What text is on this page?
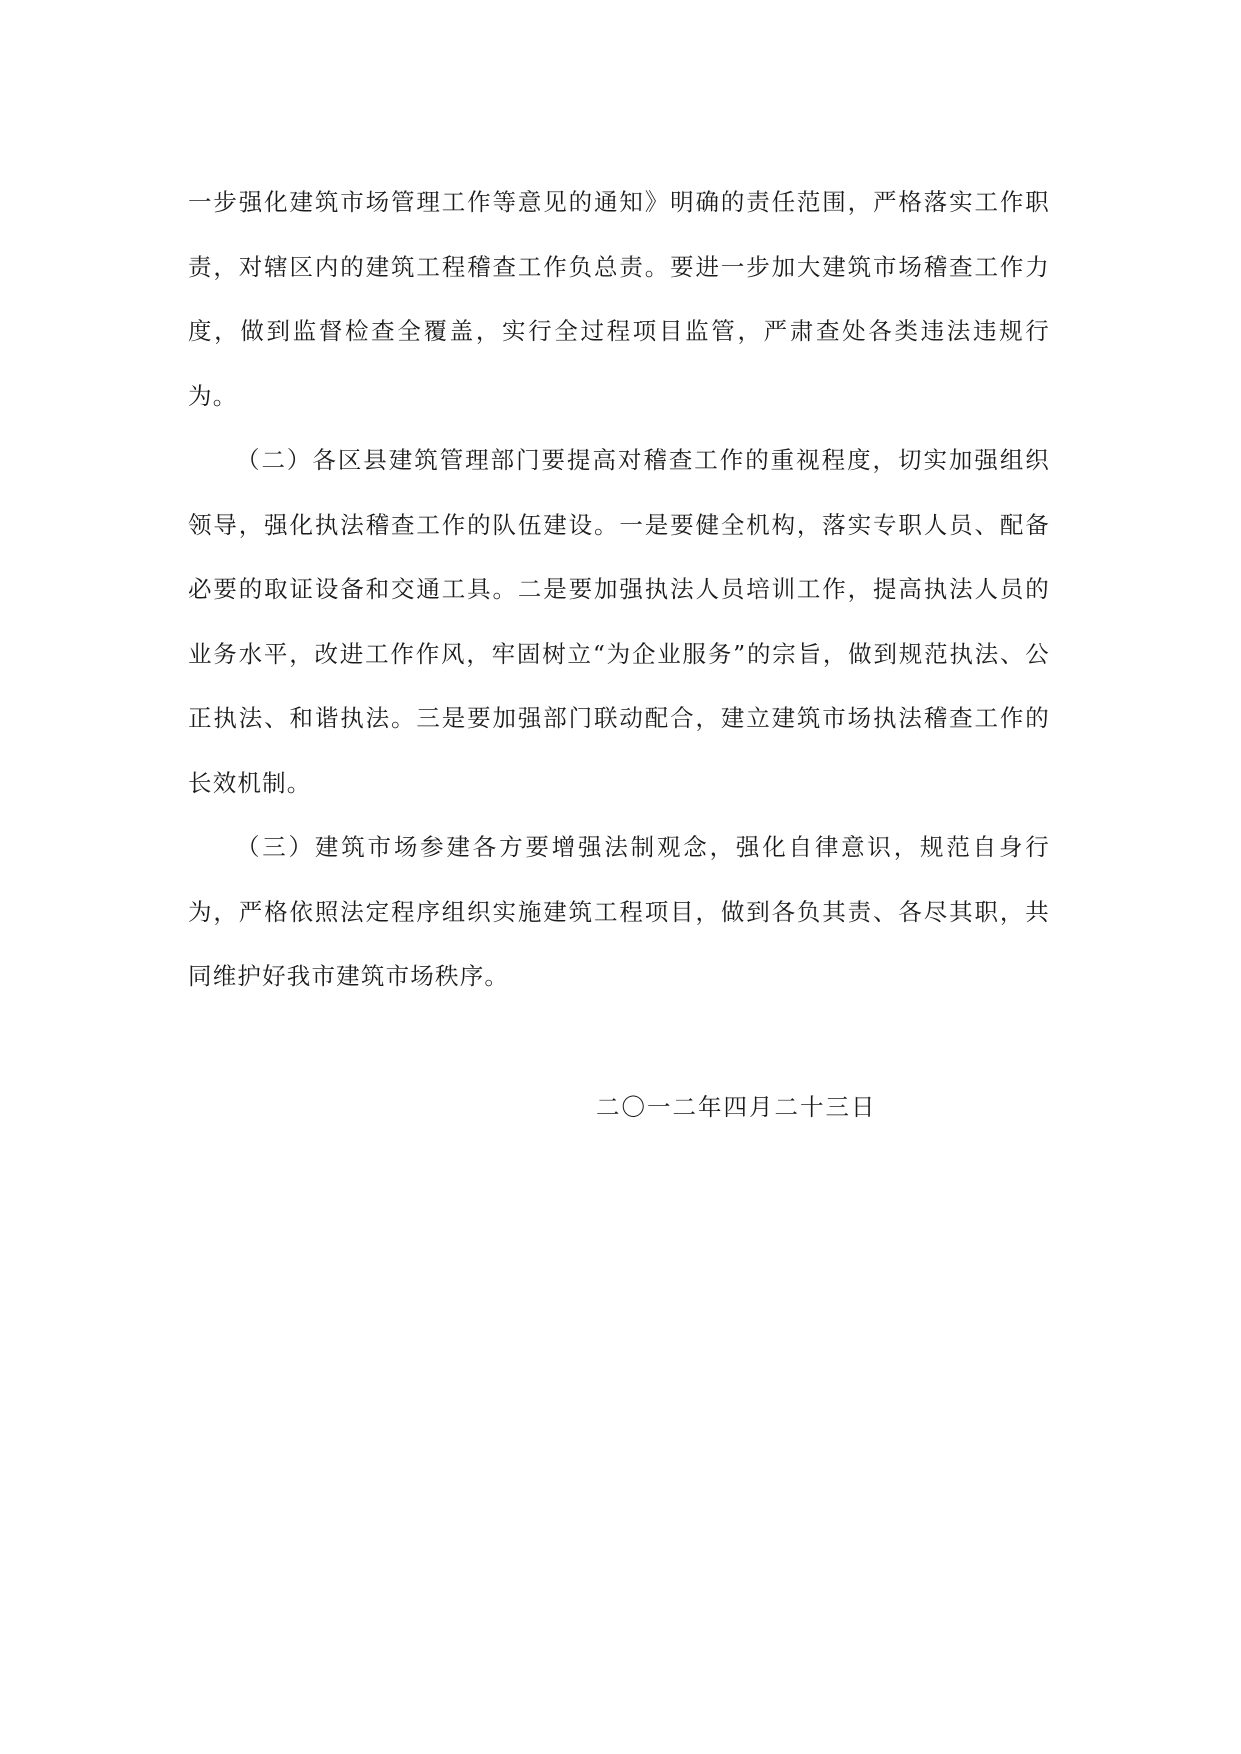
一步强化建筑市场管理工作等意见的通知》明确的责任范围，严格落实工作职责，对辖区内的建筑工程稽查工作负总责。要进一步加大建筑市场稽查工作力度，做到监督检查全覆盖，实行全过程项目监管，严肃查处各类违法违规行为。

（二）各区县建筑管理部门要提高对稽查工作的重视程度，切实加强组织领导，强化执法稽查工作的队伍建设。一是要健全机构，落实专职人员、配备必要的取证设备和交通工具。二是要加强执法人员培训工作，提高执法人员的业务水平，改进工作作风，牢固树立“为企业服务”的宗旨，做到规范执法、公正执法、和谐执法。三是要加强部门联动配合，建立建筑市场执法稽查工作的长效机制。

（三）建筑市场参建各方要增强法制观念，强化自律意识，规范自身行为，严格依照法定程序组织实施建筑工程项目，做到各负其责、各尽其职，共同维护好我市建筑市场秩序。

二〇一二年四月二十三日
